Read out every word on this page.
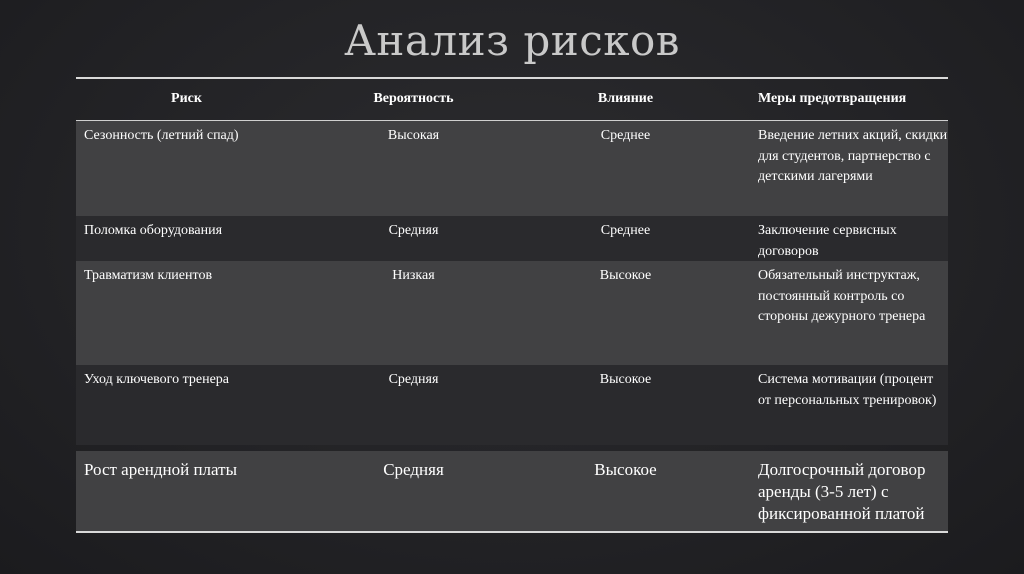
Анализ рисков
Риск	Вероятность	Влияние	Меры предотвращения
Сезонность (летний спад)	Высокая	Среднее	Введение летних акций, скидки для студентов, партнерство с детскими лагерями
Поломка оборудования	Средняя	Среднее	Заключение сервисных договоров
Травматизм клиентов	Низкая	Высокое	Обязательный инструктаж, постоянный контроль со стороны дежурного тренера
Уход ключевого тренера	Средняя	Высокое	Система мотивации (процент от персональных тренировок)
Рост арендной платы	Средняя	Высокое	Долгосрочный договор аренды (3-5 лет) с фиксированной платой
